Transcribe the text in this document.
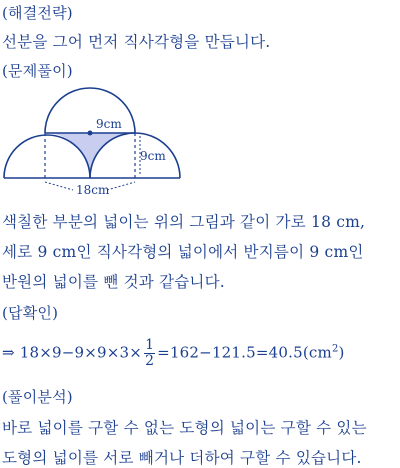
(해결전략)
선분을 그어 먼저 직사각형을 만듭니다.
(문제풀이)
9cm
9cm
18cm
색칠한 부분의 넓이는 위의 그림과 같이 가로 18 cm,
세로 9 cm인 직사각형의 넓이에서 반지름이 9 cm인
반원의 넓이를 뺀 것과 같습니다.
(답확인)
⇒ $18\times 9-9\times 9\times 3\times \frac{1}{2} =162-121.5=40.5(cm^2)$
(풀이분석)
바로 넓이를 구할 수 없는 도형의 넓이는 구할 수 있는
도형의 넓이를 서로 빼거나 더하여 구할 수 있습니다.
